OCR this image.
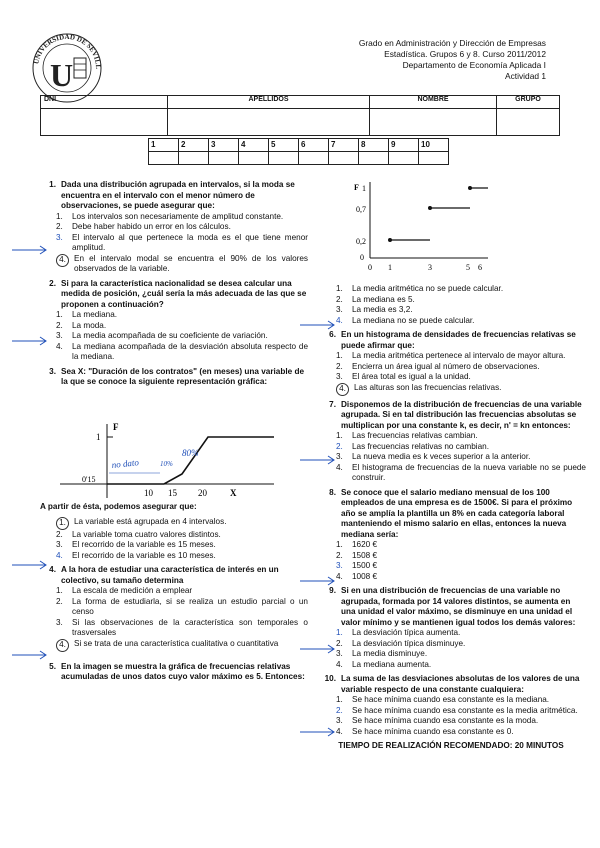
UNIVERSIDAD DE SEVILL
U
Grado en Administración y Dirección de Empresas
Estadística. Grupos 6 y 8. Curso 2011/2012
Departamento de Economía Aplicada I
Actividad 1
DNI	APELLIDOS	NOMBRE	GRUPO

1	2	3	4	5	6	7	8	9	10

1. Dada una distribución agrupada en intervalos, si la moda se encuentra en el intervalo con el menor número de observaciones, se puede asegurar que:
1.	Los intervalos son necesariamente de amplitud constante.
2.	Debe haber habido un error en los cálculos.
3.	El intervalo al que pertenece la moda es el que tiene menor amplitud.
4. En el intervalo modal se encuentra el 90% de los valores observados de la variable.
2. Si para la característica nacionalidad se desea calcular una medida de posición, ¿cuál sería la más adecuada de las que se proponen a continuación?
1.	La mediana.
2.	La moda.
3.	La media acompañada de su coeficiente de variación.
4.	La mediana acompañada de la desviación absoluta respecto de la mediana.
3. Sea X: "Duración de los contratos" (en meses) una variable de la que se conoce la siguiente representación gráfica:
F
1
0'15
10 15 20	X
no dato	10%
80%
A partir de ésta, podemos asegurar que:
1. La variable está agrupada en 4 intervalos.
2.	La variable toma cuatro valores distintos.
3.	El recorrido de la variable es 15 meses.
4.	El recorrido de la variable es 10 meses.
4. A la hora de estudiar una característica de interés en un colectivo, su tamaño determina
1.	La escala de medición a emplear
2.	La forma de estudiarla, si se realiza un estudio parcial o un censo
3.	Si las observaciones de la característica son temporales o trasversales
4. Si se trata de una característica cualitativa o cuantitativa
5. En la imagen se muestra la gráfica de frecuencias relativas acumuladas de unos datos cuyo valor máximo es 5. Entonces:
F 1
0,7
0,2
0
0 1	3	5 6
1.	La media aritmética no se puede calcular.
2.	La mediana es 5.
3.	La media es 3,2.
4.	La mediana no se puede calcular.
6. En un histograma de densidades de frecuencias relativas se puede afirmar que:
1.	La media aritmética pertenece al intervalo de mayor altura.
2.	Encierra un área igual al número de observaciones.
3.	El área total es igual a la unidad.
4. Las alturas son las frecuencias relativas.
7. Disponemos de la distribución de frecuencias de una variable agrupada. Si en tal distribución las frecuencias absolutas se multiplican por una constante k, es decir, n' = kn entonces:
1.	Las frecuencias relativas cambian.
2.	Las frecuencias relativas no cambian.
3.	La nueva media es k veces superior a la anterior.
4.	El histograma de frecuencias de la nueva variable no se puede construir.
8. Se conoce que el salario mediano mensual de los 100 empleados de una empresa es de 1500€. Si para el próximo año se amplía la plantilla un 8% en cada categoría laboral manteniendo el mismo salario en ellas, entonces la nueva mediana sería:
1.	1620 €
2.	1508 €
3.	1500 €
4.	1008 €
9. Si en una distribución de frecuencias de una variable no agrupada, formada por 14 valores distintos, se aumenta en una unidad el valor máximo, se disminuye en una unidad el valor mínimo y se mantienen igual todos los demás valores:
1.	La desviación típica aumenta.
2.	La desviación típica disminuye.
3.	La media disminuye.
4.	La mediana aumenta.
10. La suma de las desviaciones absolutas de los valores de una variable respecto de una constante cualquiera:
1.	Se hace mínima cuando esa constante es la mediana.
2.	Se hace mínima cuando esa constante es la media aritmética.
3.	Se hace mínima cuando esa constante es la moda.
4.	Se hace mínima cuando esa constante es 0.
TIEMPO DE REALIZACIÓN RECOMENDADO: 20 MINUTOS
